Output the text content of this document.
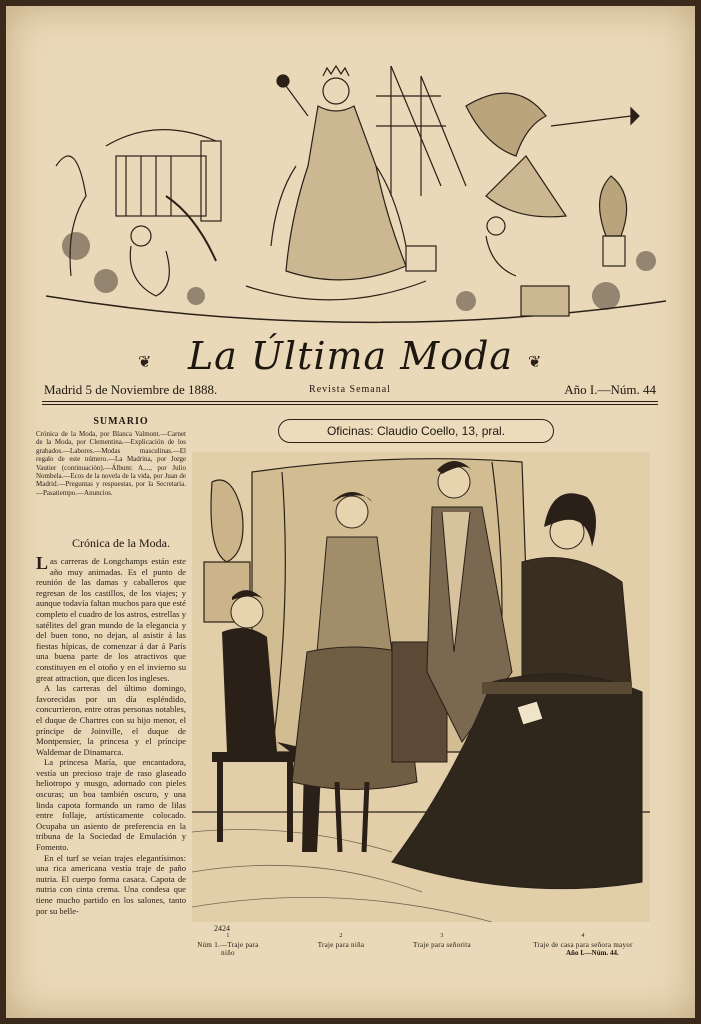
❦ La Última Moda ❦
Madrid 5 de Noviembre de 1888.	Revista Semanal	Año I.—Núm. 44
SUMARIO
Crónica de la Moda, por Blanca Valmont.—Carnet de la Moda, por Clementina.—Explicación de los grabados.—Labores.—Modas masculinas.—El regalo de este número.—La Madrina, por Jorge Vautier (continuación).—Álbum: A...., por Julio Nombela.—Ecos de la novela de la vida, por Juan de Madrid.—Preguntas y respuestas, por la Secretaria.—Pasatiempo.—Anuncios.
Oficinas: Claudio Coello, 13, pral.
Crónica de la Moda.

Las carreras de Longchamps están este año muy animadas. Es el punto de reunión de las damas y caballeros que regresan de los castillos, de los viajes; y aunque todavía faltan muchos para que esté completo el cuadro de los astros, estrellas y satélites del gran mundo de la elegancia y del buen tono, no dejan, al asistir á las fiestas hípicas, de comenzar á dar á París una buena parte de los atractivos que constituyen en el otoño y en el invierno su great attraction, que dicen los ingleses.

A las carreras del último domingo, favorecidas por un día espléndido, concurrieron, entre otras personas notables, el duque de Chartres con su hijo menor, el príncipe de Joinville, el duque de Montpensier, la princesa y el príncipe Waldemar de Dinamarca.

La princesa María, que encantadora, vestía un precioso traje de raso glaseado heliotropo y musgo, adornado con pieles oscuras; un boa también oscuro, y una linda capota formando un ramo de lilas entre follaje, artísticamente colocado. Ocupaba un asiento de preferencia en la tribuna de la Sociedad de Emulación y Fomento.

En el turf se veían trajes elegantísimos: una rica americana vestía traje de paño nutria. El cuerpo forma casaca. Capota de nutria con cinta crema. Una condesa que tiene mucho partido en los salones, tanto por su belle-

2424
1
Núm 1.—Traje para niño
2
Traje para niña
3
Traje para señorita
4
Traje de casa para señora mayor
Año I.—Núm. 44.
